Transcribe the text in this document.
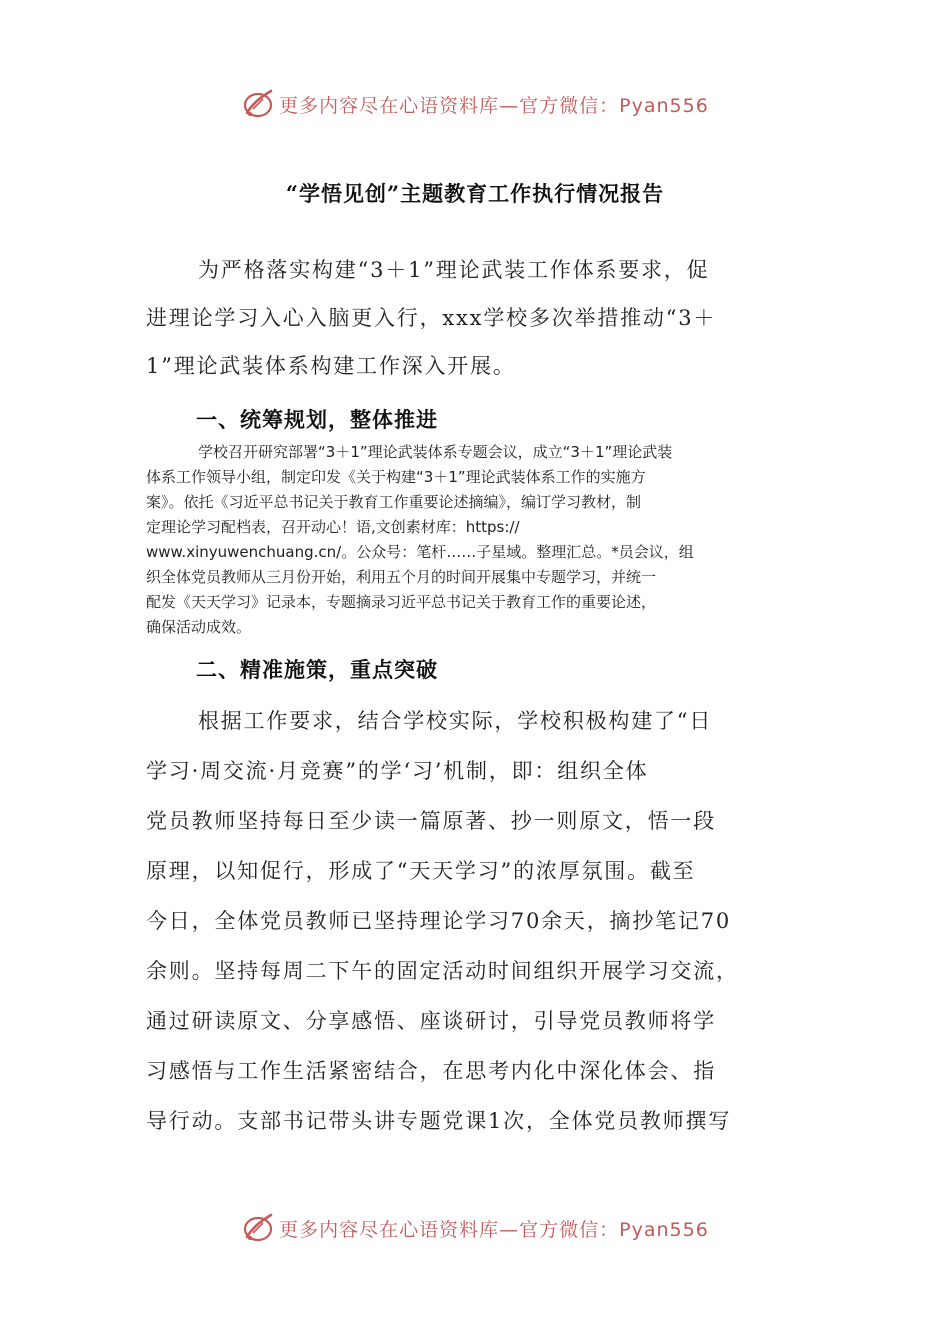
更多内容尽在心语资料库—官方微信：Pyan556
“学悟见创”主题教育工作执行情况报告
为严格落实构建“3＋1”理论武装工作体系要求，促
进理论学习入心入脑更入行，xxx学校多次举措推动“3＋
1”理论武装体系构建工作深入开展。
一、统筹规划，整体推进
学校召开研究部署“3＋1”理论武装体系专题会议，成立“3＋1”理论武装
体系工作领导小组，制定印发《关于构建“3＋1”理论武装体系工作的实施方
案》。依托《习近平总书记关于教育工作重要论述摘编》，编订学习教材，制
定理论学习配档表，召开动心！语,文创素材库：https://
www.xinyuwenchuang.cn/。公众号：笔杆……子星域。整理汇总。*员会议，组
织全体党员教师从三月份开始，利用五个月的时间开展集中专题学习，并统一
配发《天天学习》记录本，专题摘录习近平总书记关于教育工作的重要论述，
确保活动成效。
二、精准施策，重点突破
根据工作要求，结合学校实际，学校积极构建了“日
学习·周交流·月竞赛”的学‘习’机制，即：组织全体
党员教师坚持每日至少读一篇原著、抄一则原文，悟一段
原理，以知促行，形成了“天天学习”的浓厚氛围。截至
今日，全体党员教师已坚持理论学习70余天，摘抄笔记70
余则。坚持每周二下午的固定活动时间组织开展学习交流，
通过研读原文、分享感悟、座谈研讨，引导党员教师将学
习感悟与工作生活紧密结合，在思考内化中深化体会、指
导行动。支部书记带头讲专题党课1次，全体党员教师撰写
更多内容尽在心语资料库—官方微信：Pyan556
